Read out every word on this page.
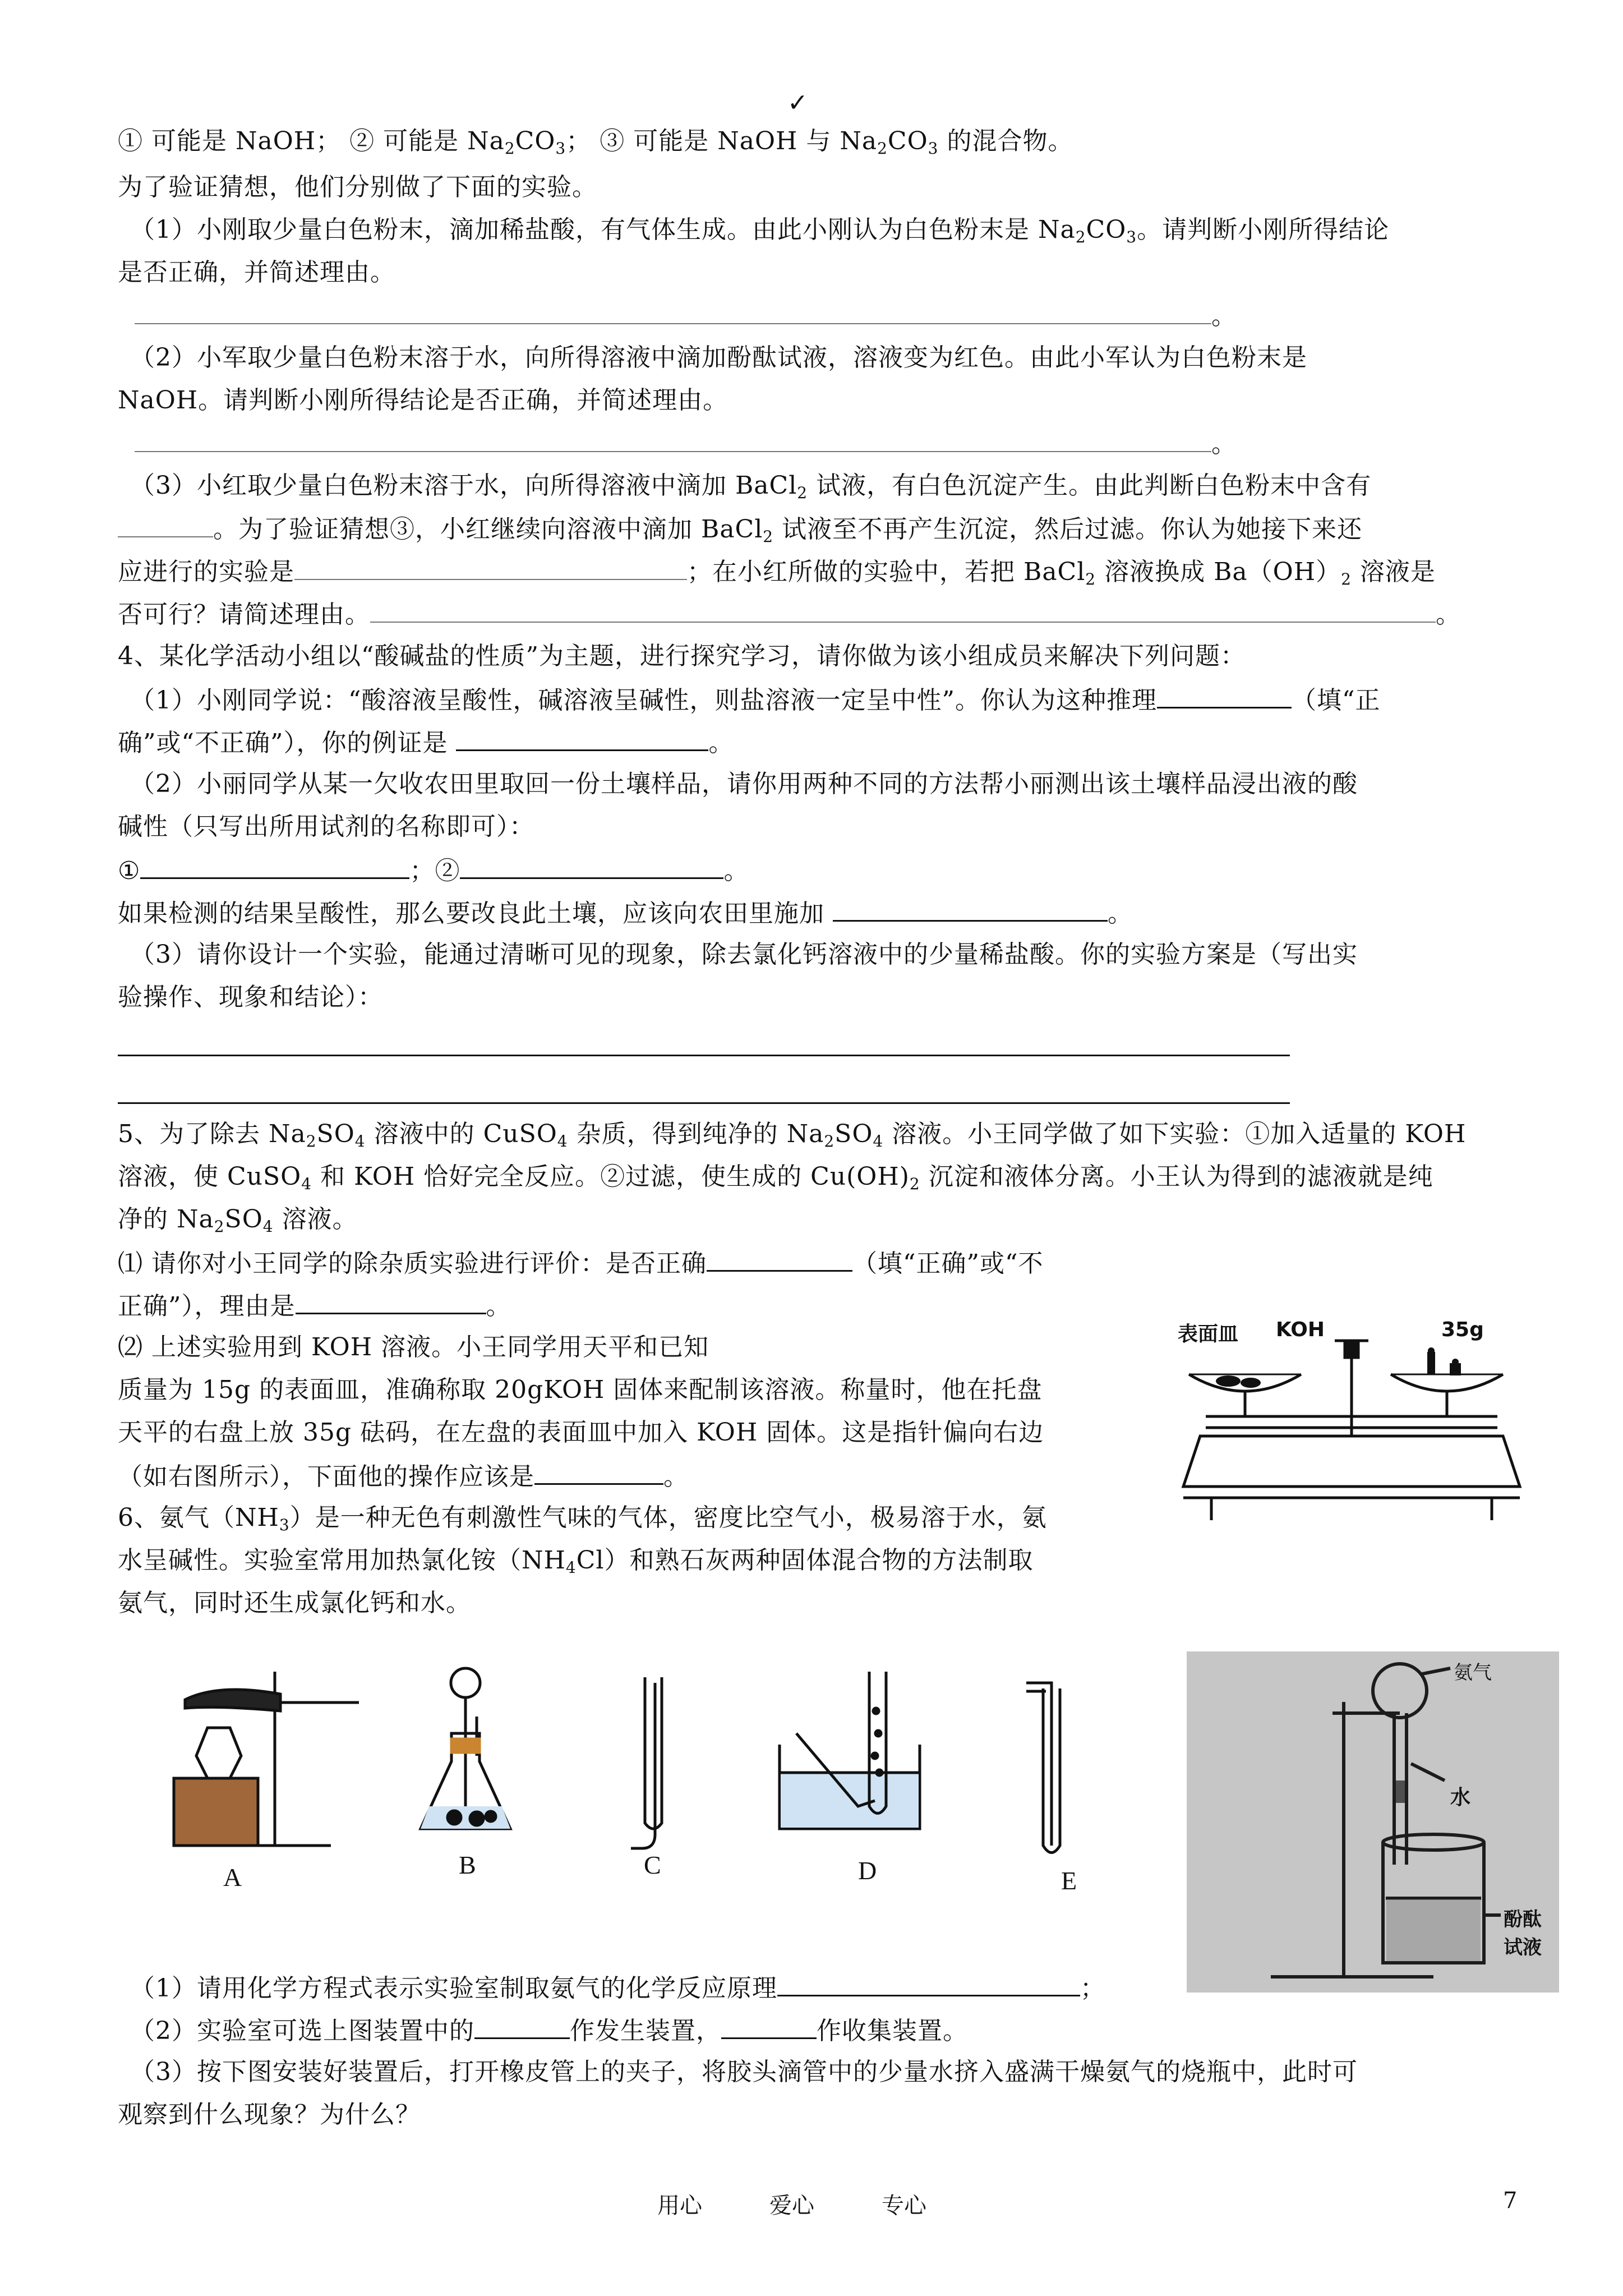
✓
① 可能是 NaOH； ② 可能是 $Na_2CO_3$； ③ 可能是 NaOH 与 $Na_2CO_3$ 的混合物。
为了验证猜想，他们分别做了下面的实验。
（1）小刚取少量白色粉末，滴加稀盐酸，有气体生成。由此小刚认为白色粉末是 $Na_2CO_3$。请判断小刚所得结论
是否正确，并简述理由。
。
（2）小军取少量白色粉末溶于水，向所得溶液中滴加酚酞试液，溶液变为红色。由此小军认为白色粉末是
NaOH。请判断小刚所得结论是否正确，并简述理由。
。
（3）小红取少量白色粉末溶于水，向所得溶液中滴加 BaCl$_2$ 试液，有白色沉淀产生。由此判断白色粉末中含有
。为了验证猜想③，小红继续向溶液中滴加 BaCl$_2$ 试液至不再产生沉淀，然后过滤。你认为她接下来还
应进行的实验是	；在小红所做的实验中，若把 BaCl$_2$ 溶液换成 $Ba(OH)_2$ 溶液是
否可行？请简述理由。	。
4、某化学活动小组以“酸碱盐的性质”为主题，进行探究学习，请你做为该小组成员来解决下列问题：
（1）小刚同学说：“酸溶液呈酸性，碱溶液呈碱性，则盐溶液一定呈中性”。你认为这种推理	（填“正
确”或“不正确”），你的例证是	。
（2）小丽同学从某一欠收农田里取回一份土壤样品，请你用两种不同的方法帮小丽测出该土壤样品浸出液的酸
碱性（只写出所用试剂的名称即可）：
①	；②	。
如果检测的结果呈酸性，那么要改良此土壤，应该向农田里施加	。
（3）请你设计一个实验，能通过清晰可见的现象，除去氯化钙溶液中的少量稀盐酸。你的实验方案是（写出实
验操作、现象和结论）：
5、为了除去 $Na_2SO_4$ 溶液中的 CuSO$_4$ 杂质，得到纯净的 $Na_2SO_4$ 溶液。小王同学做了如下实验：①加入适量的 KOH
溶液，使 CuSO$_4$ 和 KOH 恰好完全反应。②过滤，使生成的 $Cu(OH)_2$ 沉淀和液体分离。小王认为得到的滤液就是纯
净的 $Na_2SO_4$ 溶液。
⑴ 请你对小王同学的除杂质实验进行评价：是否正确	（填“正确”或“不
正确”），理由是	。
⑵ 上述实验用到 KOH 溶液。小王同学用天平和已知
质量为 15g 的表面皿，准确称取 20gKOH 固体来配制该溶液。称量时，他在托盘
天平的右盘上放 35g 砝码，在左盘的表面皿中加入 KOH 固体。这是指针偏向右边
（如右图所示），下面他的操作应该是	。
6、氨气$(NH_3)$是一种无色有刺激性气味的气体，密度比空气小，极易溶于水，氨
水呈碱性。实验室常用加热氯化铵$(NH_4Cl)$和熟石灰两种固体混合物的方法制取
氨气，同时还生成氯化钙和水。
表面皿 KOH	35g
A	B	C	D	E
氨气
水
酚酞
试液
（1）请用化学方程式表示实验室制取氨气的化学反应原理	；
（2）实验室可选上图装置中的	作发生装置，	作收集装置。
（3）按下图安装好装置后，打开橡皮管上的夹子，将胶头滴管中的少量水挤入盛满干燥氨气的烧瓶中，此时可
观察到什么现象？为什么？
用心	爱心	专心	7
